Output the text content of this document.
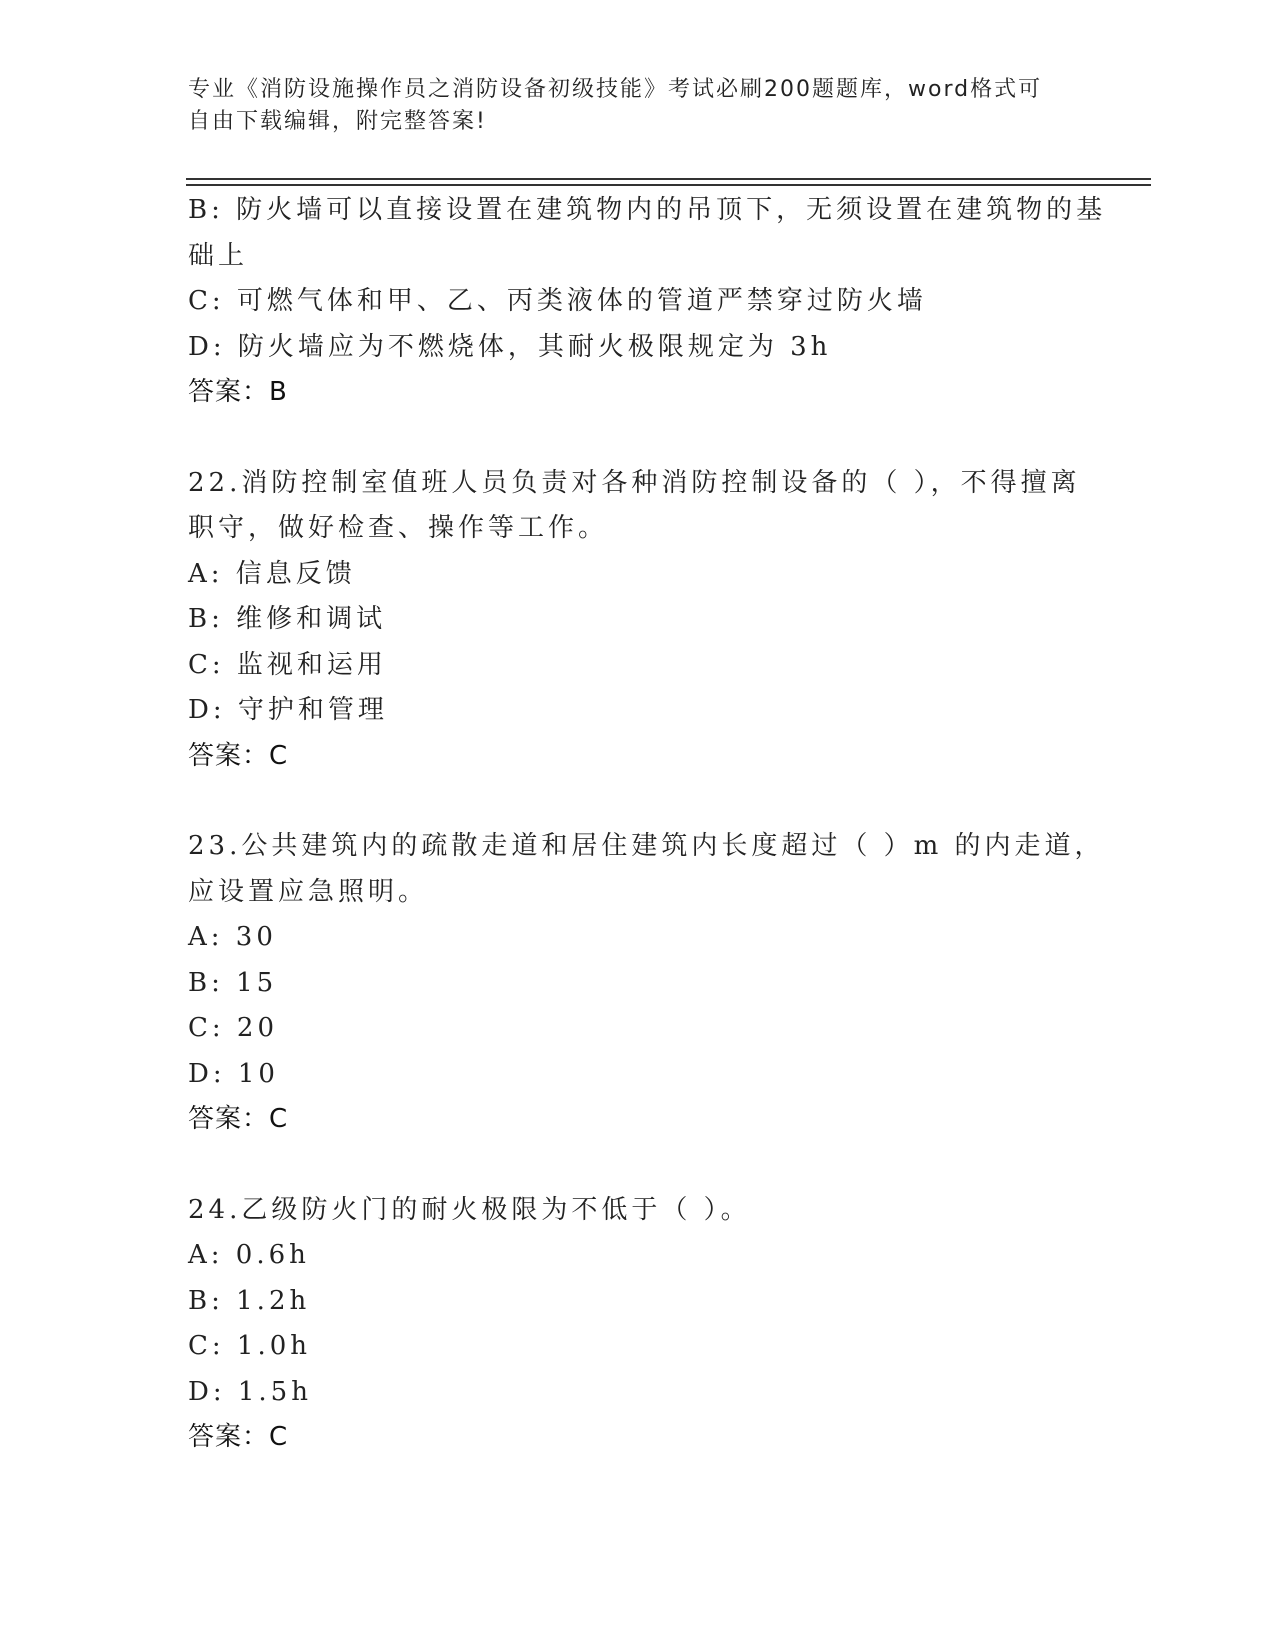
专业《消防设施操作员之消防设备初级技能》考试必刷200题题库，word格式可
自由下载编辑，附完整答案!
B: 防火墙可以直接设置在建筑物内的吊顶下，无须设置在建筑物的基
础上
C: 可燃气体和甲、乙、丙类液体的管道严禁穿过防火墙
D: 防火墙应为不燃烧体，其耐火极限规定为 3h
答案：B
22.消防控制室值班人员负责对各种消防控制设备的（ ），不得擅离
职守，做好检查、操作等工作。
A: 信息反馈
B: 维修和调试
C: 监视和运用
D: 守护和管理
答案：C
23.公共建筑内的疏散走道和居住建筑内长度超过（ ）m 的内走道，
应设置应急照明。
A: 30
B: 15
C: 20
D: 10
答案：C
24.乙级防火门的耐火极限为不低于（ ）。
A: 0.6h
B: 1.2h
C: 1.0h
D: 1.5h
答案：C
